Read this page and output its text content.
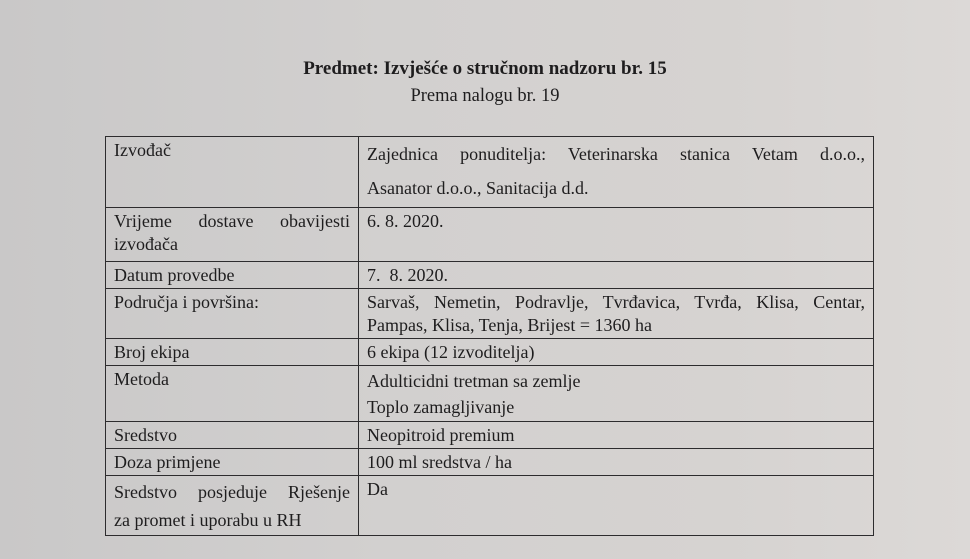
Predmet: Izvješće o stručnom nadzoru br. 15
Prema nalogu br. 19
Izvođač	Zajednica ponuditelja: Veterinarska stanica Vetam d.o.o.,
Asanator d.o.o., Sanitacija d.d.

Vrijeme dostave obavijesti
izvođača	6. 8. 2020.
Datum provedbe	7.  8. 2020.
Područja i površina:	Sarvaš, Nemetin, Podravlje, Tvrđavica, Tvrđa, Klisa, Centar,
Pampas, Klisa, Tenja, Brijest = 1360 ha

Broj ekipa	6 ekipa (12 izvoditelja)
Metoda	Adulticidni tretman sa zemlje
Toplo zamagljivanje

Sredstvo	Neopitroid premium
Doza primjene	100 ml sredstva / ha

Sredstvo posjeduje Rješenje
za promet i uporabu u RH	Da
